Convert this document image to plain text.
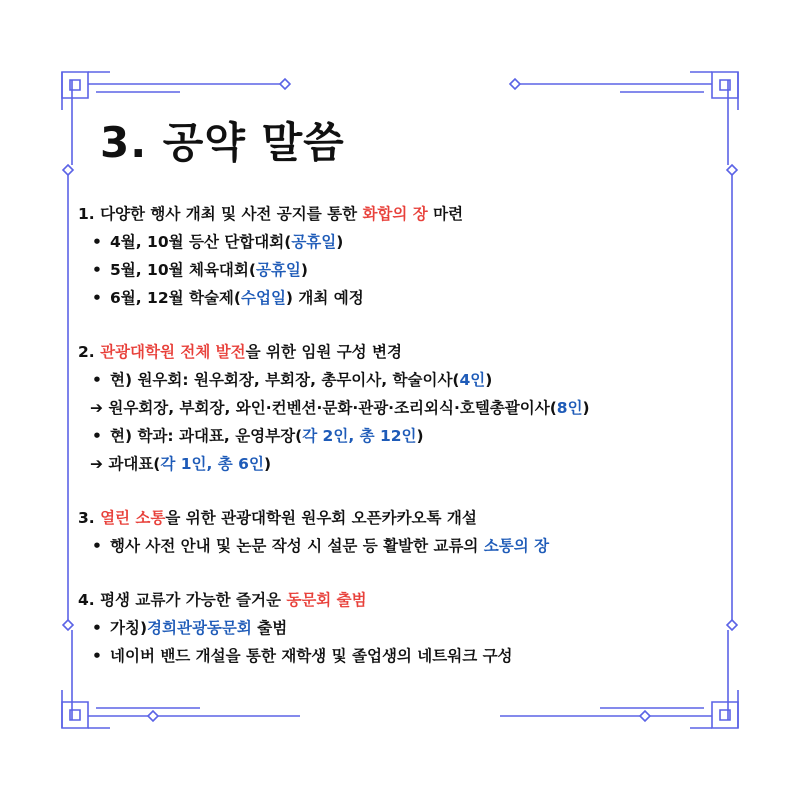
3. 공약 말씀
1. 다양한 행사 개최 및 사전 공지를 통한 화합의 장 마련
• 4월, 10월 등산 단합대회(공휴일)
• 5월, 10월 체육대회(공휴일)
• 6월, 12월 학술제(수업일) 개최 예정
2. 관광대학원 전체 발전을 위한 임원 구성 변경
• 현) 원우회: 원우회장, 부회장, 총무이사, 학술이사(4인)
➔ 원우회장, 부회장, 와인·컨벤션·문화·관광·조리외식·호텔총괄이사(8인)
• 현) 학과: 과대표, 운영부장(각 2인, 총 12인)
➔ 과대표(각 1인, 총 6인)
3. 열린 소통을 위한 관광대학원 원우회 오픈카카오톡 개설
• 행사 사전 안내 및 논문 작성 시 설문 등 활발한 교류의 소통의 장
4. 평생 교류가 가능한 즐거운 동문회 출범
• 가칭)경희관광동문회 출범
• 네이버 밴드 개설을 통한 재학생 및 졸업생의 네트워크 구성
